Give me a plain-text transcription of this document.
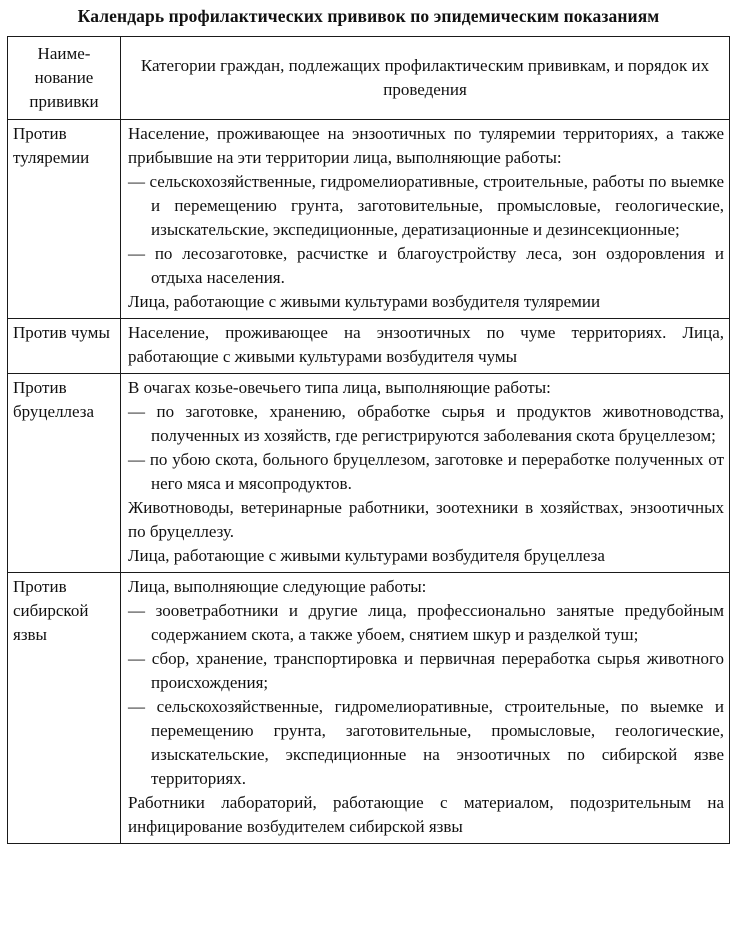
Календарь профилактических прививок по эпидемическим показаниям
Наиме-
нование
прививки	Категории граждан, подлежащих профилактическим прививкам, и порядок их проведения
Против туляремии	Население, проживающее на энзоотичных по туляремии территориях, а также прибывшие на эти территории лица, выполняющие работы:
— сельскохозяйственные, гидромелиоративные, строительные, работы по выемке и перемещению грунта, заготовительные, промысловые, геологические, изыскательские, экспедиционные, дератизационные и дезинсекционные;
— по лесозаготовке, расчистке и благоустройству леса, зон оздоровления и отдыха населения.
Лица, работающие с живыми культурами возбудителя туляремии

Против чумы	Население, проживающее на энзоотичных по чуме территориях. Лица, работающие с живыми культурами возбудителя чумы

Против бруцеллеза	В очагах козье-овечьего типа лица, выполняющие работы:
— по заготовке, хранению, обработке сырья и продуктов животноводства, полученных из хозяйств, где регистрируются заболевания скота бруцеллезом;
— по убою скота, больного бруцеллезом, заготовке и переработке полученных от него мяса и мясопродуктов.
Животноводы, ветеринарные работники, зоотехники в хозяйствах, энзоотичных по бруцеллезу.
Лица, работающие с живыми культурами возбудителя бруцеллеза

Против сибирской язвы	Лица, выполняющие следующие работы:
— зооветработники и другие лица, профессионально занятые предубойным содержанием скота, а также убоем, снятием шкур и разделкой туш;
— сбор, хранение, транспортировка и первичная переработка сырья животного происхождения;
— сельскохозяйственные, гидромелиоративные, строительные, по выемке и перемещению грунта, заготовительные, промысловые, геологические, изыскательские, экспедиционные на энзоотичных по сибирской язве территориях.
Работники лабораторий, работающие с материалом, подозрительным на инфицирование возбудителем сибирской язвы
